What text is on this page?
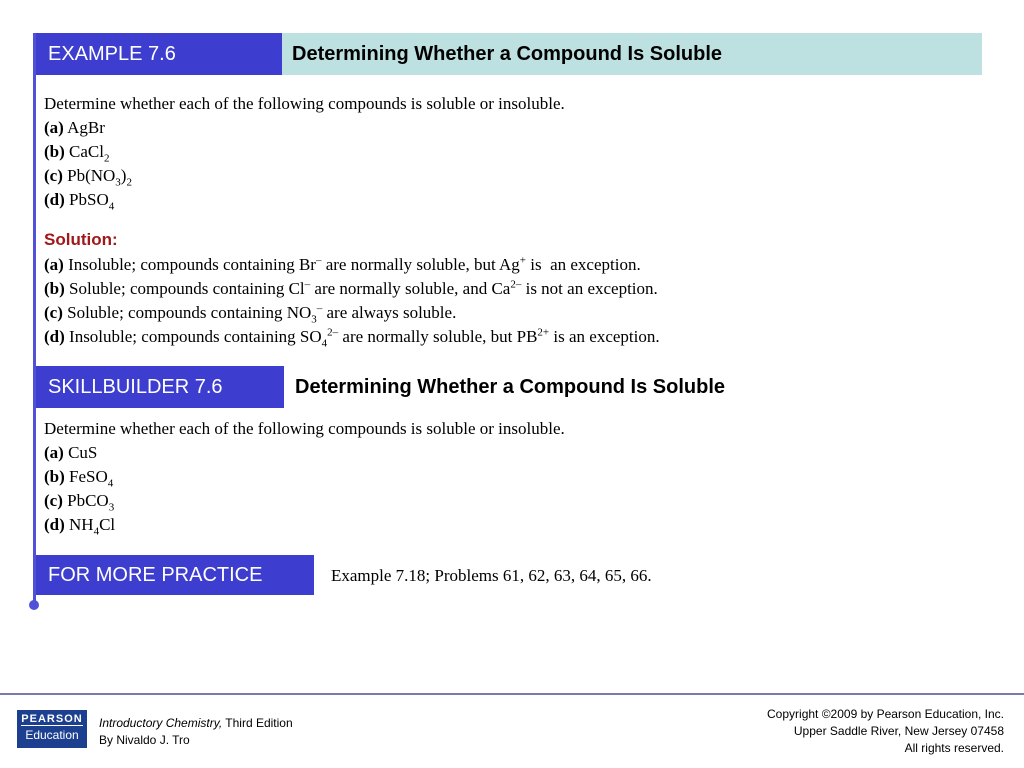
EXAMPLE 7.6	Determining Whether a Compound Is Soluble
Determine whether each of the following compounds is soluble or insoluble.
(a) AgBr
(b) CaCl$_2$
(c) $Pb(NO_3)_2$
(d) PbSO$_4$
Solution:
(a) Insoluble; compounds containing Br– are normally soluble, but Ag+ is  an exception.
(b) Soluble; compounds containing Cl– are normally soluble, and $Ca^{2-}$ is not an exception.
(c) Soluble; compounds containing $NO_3^-$ are always soluble.
(d) Insoluble; compounds containing $SO_4^{2-}$ are normally soluble, but $PB^{2+}$ is an exception.
SKILLBUILDER 7.6	Determining Whether a Compound Is Soluble
Determine whether each of the following compounds is soluble or insoluble.
(a) CuS
(b) FeSO$_4$
(c) PbCO$_3$
(d) $NH_4Cl$
FOR MORE PRACTICE	Example 7.18; Problems 61, 62, 63, 64, 65, 66.
PEARSON
Education
Introductory Chemistry, Third Edition
By Nivaldo J. Tro
Copyright ©2009 by Pearson Education, Inc.
Upper Saddle River, New Jersey 07458
All rights reserved.
